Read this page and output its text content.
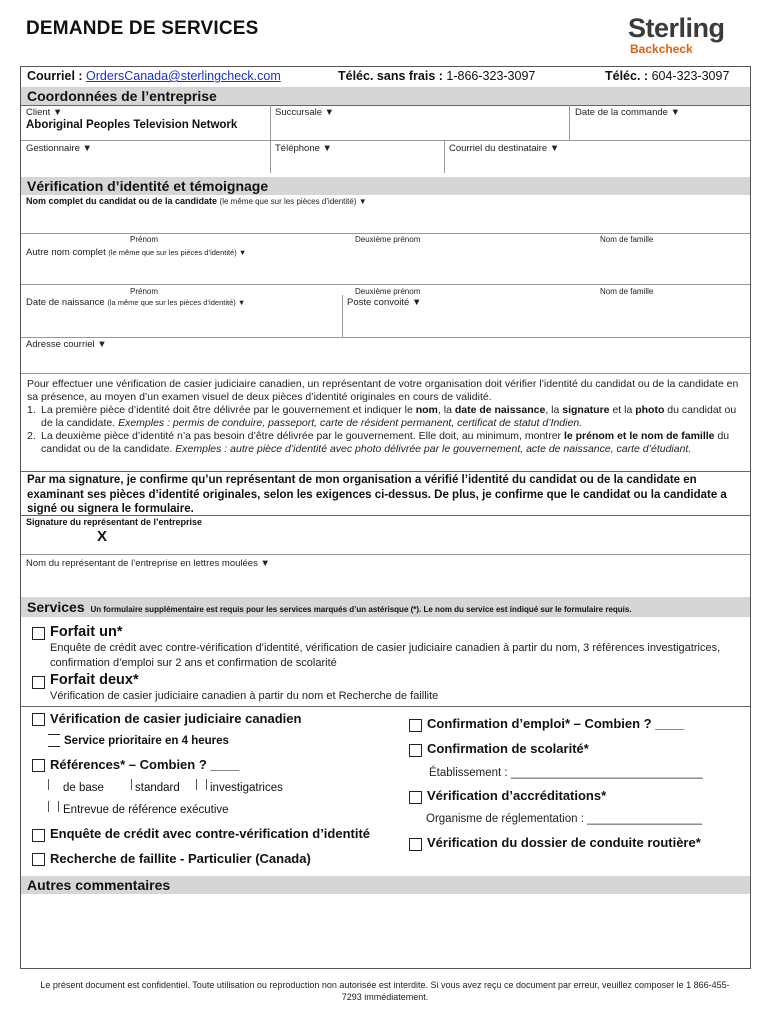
DEMANDE DE SERVICES	Sterling
Backcheck
Courriel : OrdersCanada@sterlingcheck.com	Téléc. sans frais : 1-866-323-3097	Téléc. : 604-323-3097
Coordonnées de l’entreprise
Client ▼
Aboriginal Peoples Television Network
Succursale ▼	Date de la commande ▼
Gestionnaire ▼	Téléphone ▼	Courriel du destinataire ▼
Vérification d’identité et témoignage
Nom complet du candidat ou de la candidate (le même que sur les pièces d’identité) ▼
Prénom	Deuxième prénom	Nom de famille
Autre nom complet (le même que sur les pièces d’identité) ▼
Prénom	Deuxième prénom	Nom de famille
Date de naissance (la même que sur les pièces d’identité) ▼	Poste convoité ▼
Adresse courriel ▼
Pour effectuer une vérification de casier judiciaire canadien, un représentant de votre organisation doit vérifier l’identité du candidat ou de la candidate en sa présence, au moyen d’un examen visuel de deux pièces d’identité originales en cours de validité.
1. La première pièce d’identité doit être délivrée par le gouvernement et indiquer le nom, la date de naissance, la signature et la photo du candidat ou de la candidate. Exemples : permis de conduire, passeport, carte de résident permanent, certificat de statut d’Indien.
2. La deuxième pièce d’identité n’a pas besoin d’être délivrée par le gouvernement. Elle doit, au minimum, montrer le prénom et le nom de famille du candidat ou de la candidate. Exemples : autre pièce d’identité avec photo délivrée par le gouvernement, acte de naissance, carte d’étudiant.
Par ma signature, je confirme qu’un représentant de mon organisation a vérifié l’identité du candidat ou de la candidate en examinant ses pièces d’identité originales, selon les exigences ci-dessus. De plus, je confirme que le candidat ou la candidate a signé ou signera le formulaire.
Signature du représentant de l’entreprise
X
Nom du représentant de l’entreprise en lettres moulées ▼
Services Un formulaire supplémentaire est requis pour les services marqués d’un astérisque (*). Le nom du service est indiqué sur le formulaire requis.
Forfait un*
Enquête de crédit avec contre-vérification d’identité, vérification de casier judiciaire canadien à partir du nom, 3 références investigatrices, confirmation d’emploi sur 2 ans et confirmation de scolarité
Forfait deux*
Vérification de casier judiciaire canadien à partir du nom et Recherche de faillite
Vérification de casier judiciaire canadien
Service prioritaire en 4 heures
Références* – Combien ? ____
de base	standard	investigatrices
Entrevue de référence exécutive
Enquête de crédit avec contre-vérification d’identité
Recherche de faillite - Particulier (Canada)
Confirmation d’emploi* – Combien ? ____
Confirmation de scolarité*
Établissement : ______________________________
Vérification d’accréditations*
Organisme de réglementation : __________________
Vérification du dossier de conduite routière*
Autres commentaires
Le présent document est confidentiel. Toute utilisation ou reproduction non autorisée est interdite. Si vous avez reçu ce document par erreur, veuillez composer le 1 866-455-7293 immédiatement.
